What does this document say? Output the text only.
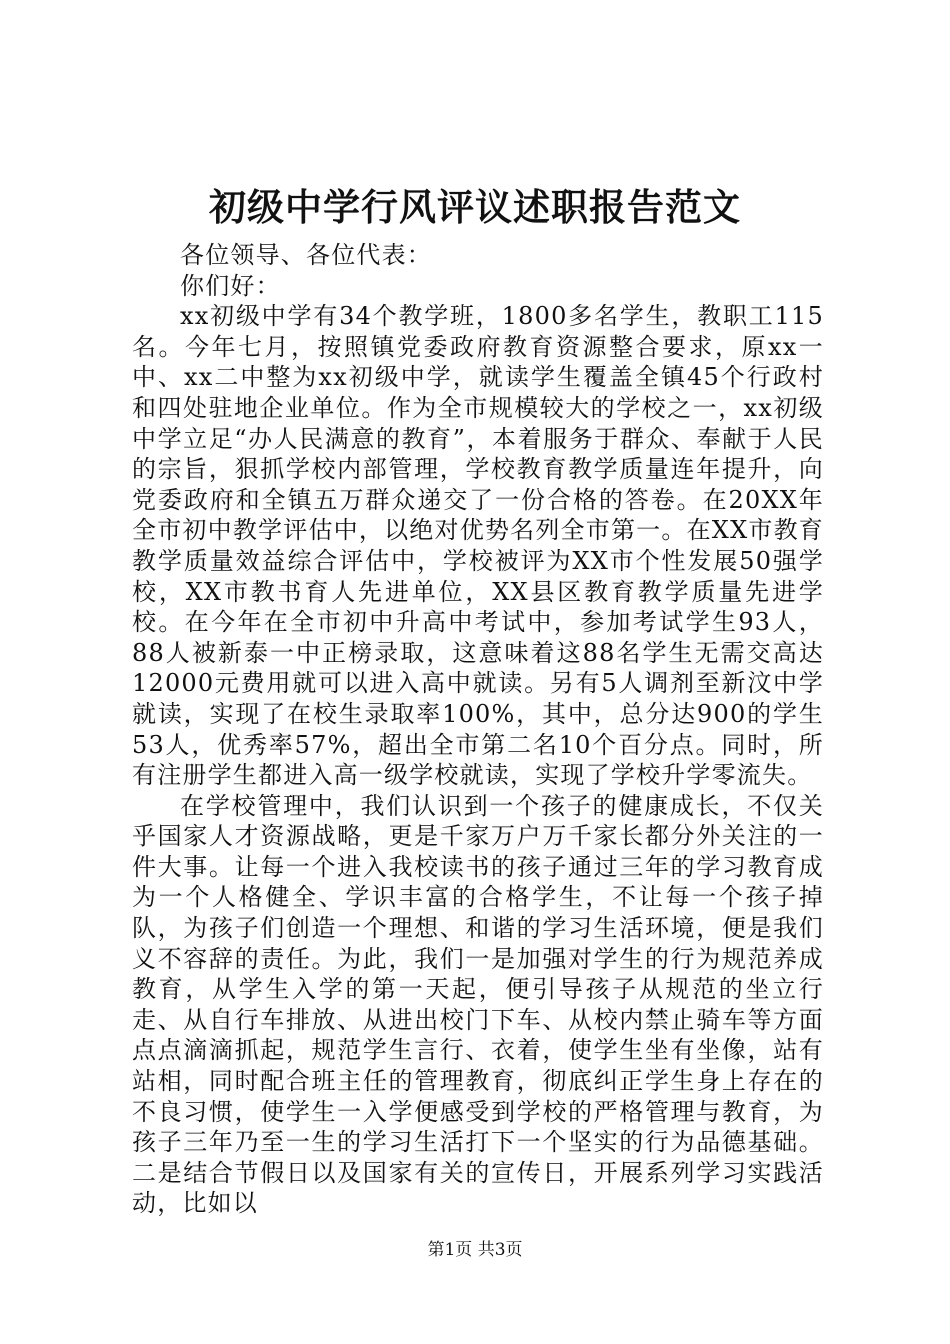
初级中学行风评议述职报告范文

各位领导、各位代表：

你们好：

xx初级中学有34个教学班，1800多名学生，教职工115名。今年七月，按照镇党委政府教育资源整合要求，原xx一中、xx二中整为xx初级中学，就读学生覆盖全镇45个行政村和四处驻地企业单位。作为全市规模较大的学校之一，xx初级中学立足“办人民满意的教育”，本着服务于群众、奉献于人民的宗旨，狠抓学校内部管理，学校教育教学质量连年提升，向党委政府和全镇五万群众递交了一份合格的答卷。在20XX年全市初中教学评估中，以绝对优势名列全市第一。在XX市教育教学质量效益综合评估中，学校被评为XX市个性发展50强学校，XX市教书育人先进单位，XX县区教育教学质量先进学校。在今年在全市初中升高中考试中，参加考试学生93人，88人被新泰一中正榜录取，这意味着这88名学生无需交高达12000元费用就可以进入高中就读。另有5人调剂至新汶中学就读，实现了在校生录取率100%，其中，总分达900的学生53人，优秀率57%，超出全市第二名10个百分点。同时，所有注册学生都进入高一级学校就读，实现了学校升学零流失。

在学校管理中，我们认识到一个孩子的健康成长，不仅关乎国家人才资源战略，更是千家万户万千家长都分外关注的一件大事。让每一个进入我校读书的孩子通过三年的学习教育成为一个人格健全、学识丰富的合格学生，不让每一个孩子掉队，为孩子们创造一个理想、和谐的学习生活环境，便是我们义不容辞的责任。为此，我们一是加强对学生的行为规范养成教育，从学生入学的第一天起，便引导孩子从规范的坐立行走、从自行车排放、从进出校门下车、从校内禁止骑车等方面点点滴滴抓起，规范学生言行、衣着，使学生坐有坐像，站有站相，同时配合班主任的管理教育，彻底纠正学生身上存在的不良习惯，使学生一入学便感受到学校的严格管理与教育，为孩子三年乃至一生的学习生活打下一个坚实的行为品德基础。二是结合节假日以及国家有关的宣传日，开展系列学习实践活动，比如以

第1页 共3页
